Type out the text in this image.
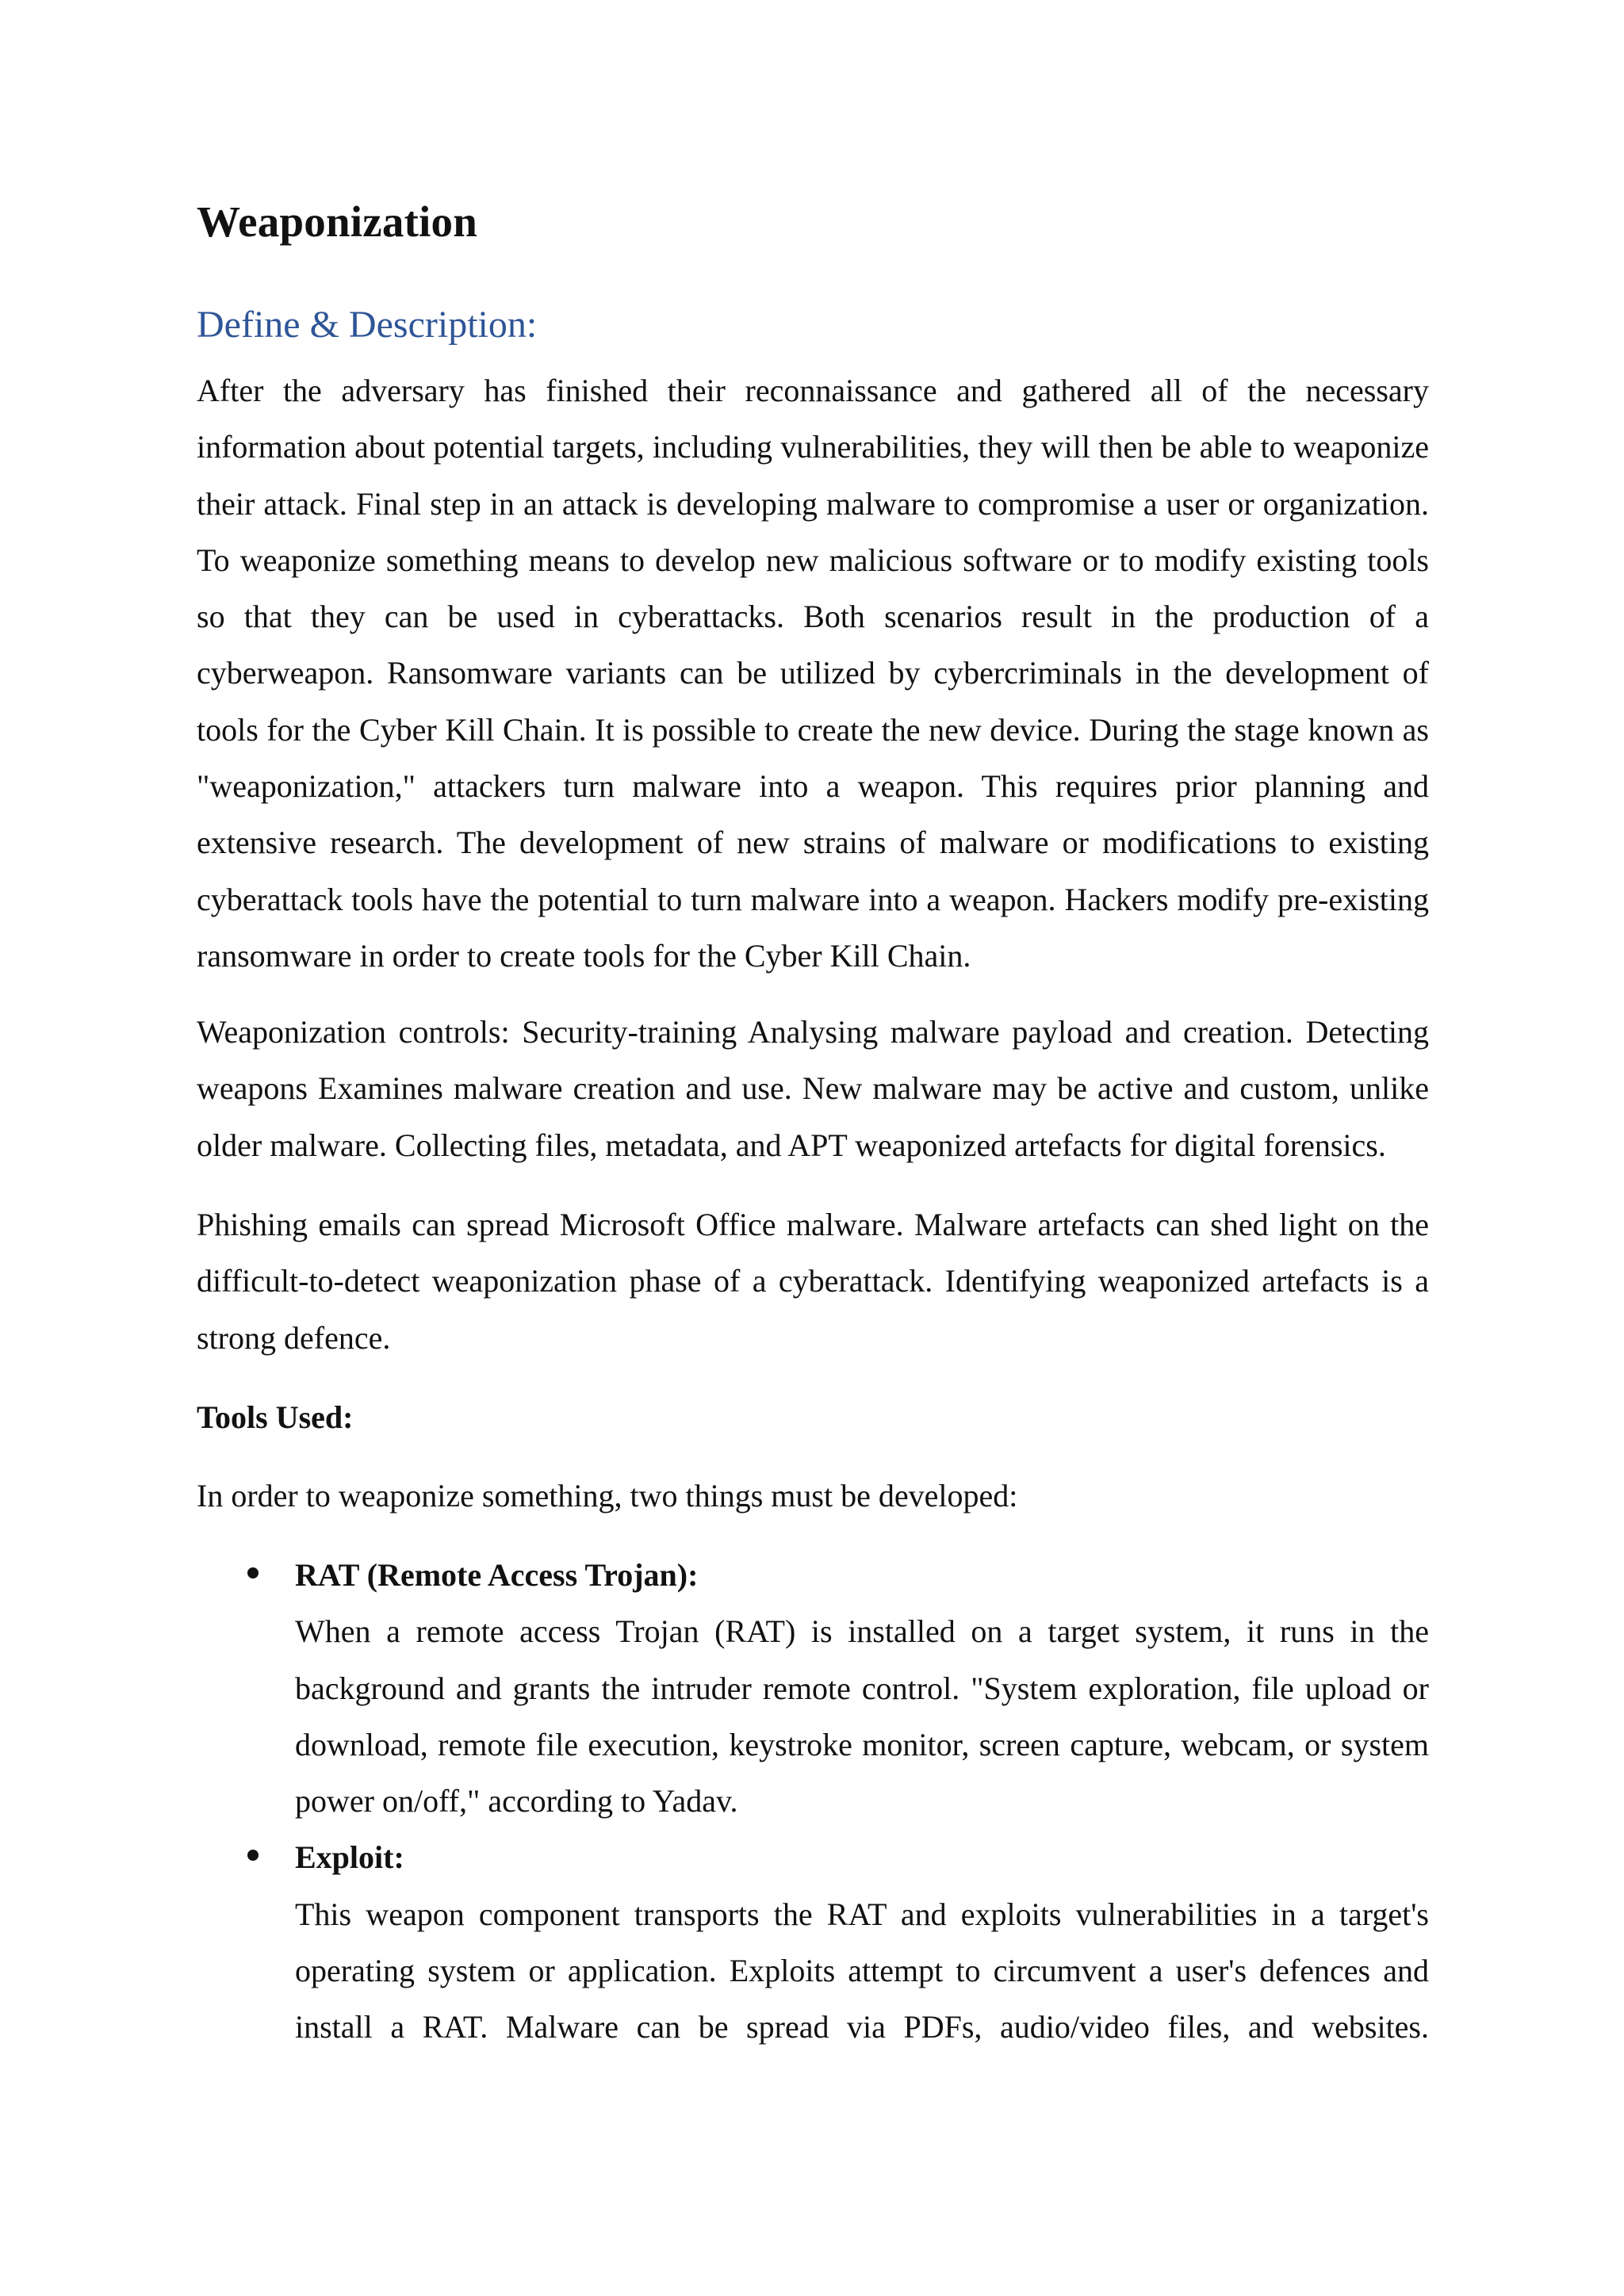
Weaponization
Define & Description:

After the adversary has finished their reconnaissance and gathered all of the necessary information about potential targets, including vulnerabilities, they will then be able to weaponize their attack. Final step in an attack is developing malware to compromise a user or organization. To weaponize something means to develop new malicious software or to modify existing tools so that they can be used in cyberattacks. Both scenarios result in the production of a cyberweapon. Ransomware variants can be utilized by cybercriminals in the development of tools for the Cyber Kill Chain. It is possible to create the new device. During the stage known as "weaponization," attackers turn malware into a weapon. This requires prior planning and extensive research. The development of new strains of malware or modifications to existing cyberattack tools have the potential to turn malware into a weapon. Hackers modify pre-existing ransomware in order to create tools for the Cyber Kill Chain.

Weaponization controls: Security-training Analysing malware payload and creation. Detecting weapons Examines malware creation and use. New malware may be active and custom, unlike older malware. Collecting files, metadata, and APT weaponized artefacts for digital forensics.

Phishing emails can spread Microsoft Office malware. Malware artefacts can shed light on the difficult-to-detect weaponization phase of a cyberattack. Identifying weaponized artefacts is a strong defence.

Tools Used:

In order to weaponize something, two things must be developed:

RAT (Remote Access Trojan):

When a remote access Trojan (RAT) is installed on a target system, it runs in the background and grants the intruder remote control. "System exploration, file upload or download, remote file execution, keystroke monitor, screen capture, webcam, or system power on/off," according to Yadav.

Exploit:

This weapon component transports the RAT and exploits vulnerabilities in a target's operating system or application. Exploits attempt to circumvent a user's defences and install a RAT. Malware can be spread via PDFs, audio/video files, and websites.
